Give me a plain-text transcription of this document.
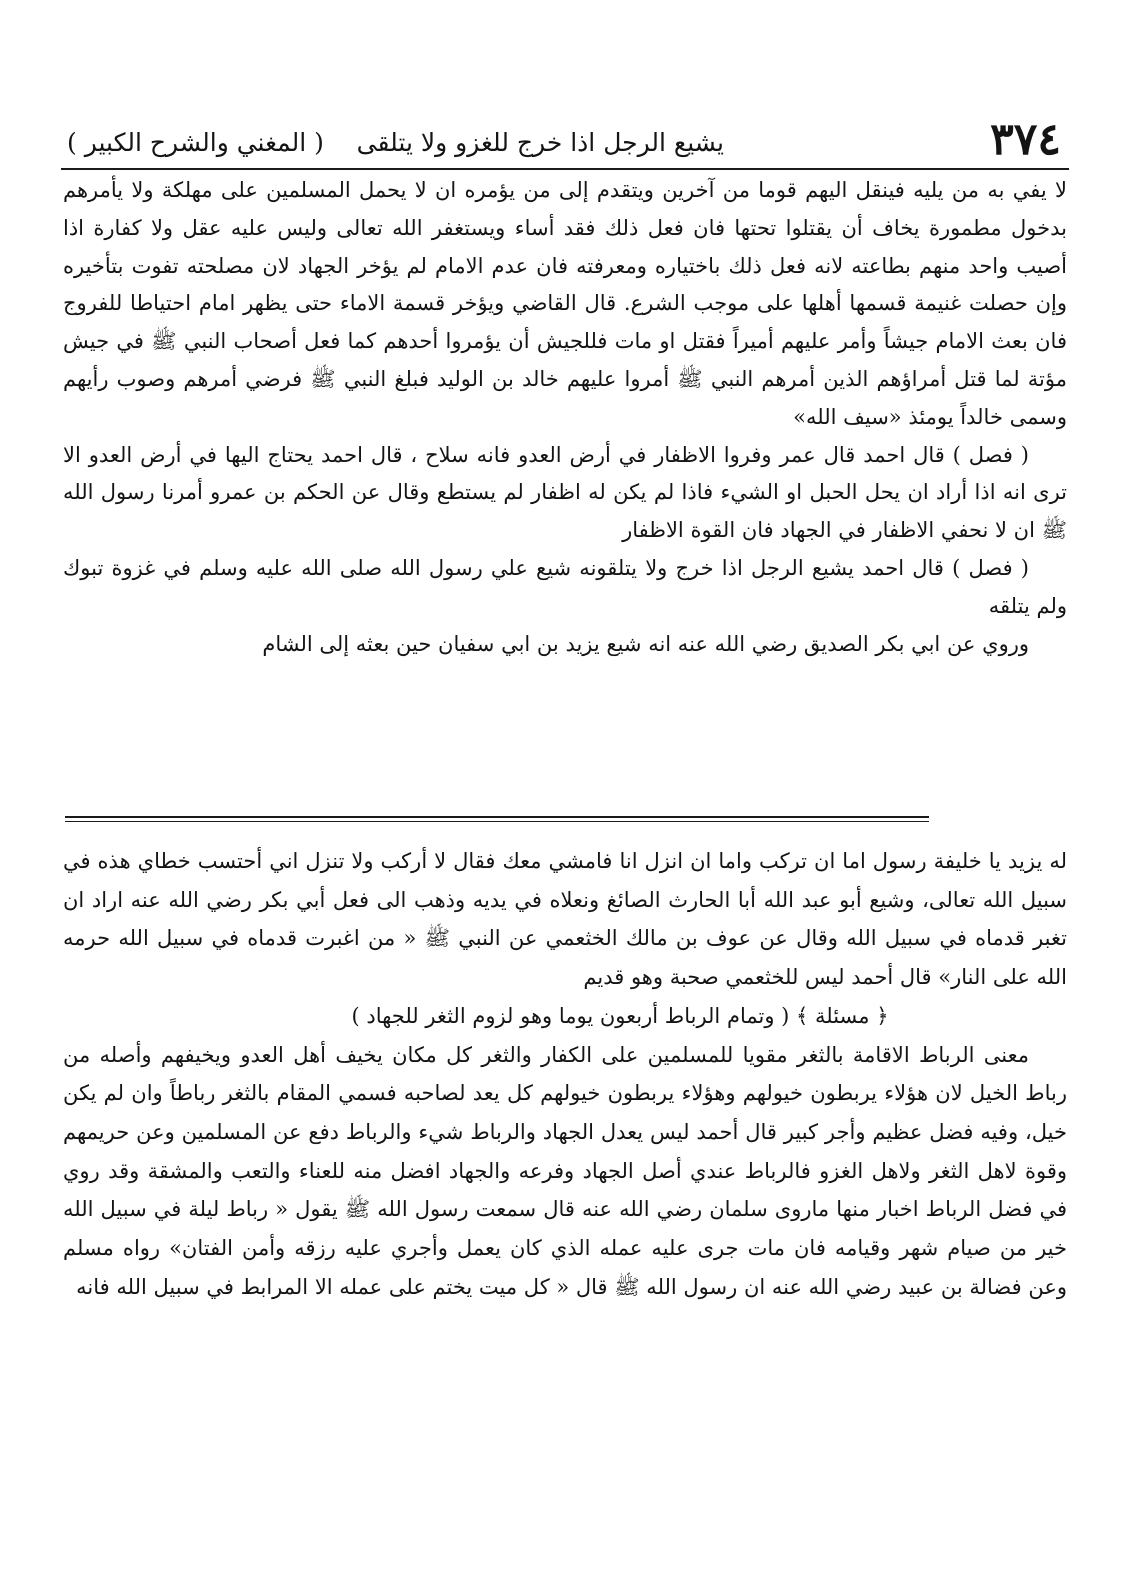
٣٧٤
يشيع الرجل اذا خرج للغزو ولا يتلقى
( المغني والشرح الكبير )

لا يفي به من يليه فينقل اليهم قوما من آخرين ويتقدم إلى من يؤمره ان لا يحمل المسلمين على مهلكة ولا يأمرهم بدخول مطمورة يخاف أن يقتلوا تحتها فان فعل ذلك فقد أساء ويستغفر الله تعالى وليس عليه عقل ولا كفارة اذا أصيب واحد منهم بطاعته لانه فعل ذلك باختياره ومعرفته فان عدم الامام لم يؤخر الجهاد لان مصلحته تفوت بتأخيره وإن حصلت غنيمة قسمها أهلها على موجب الشرع. قال القاضي ويؤخر قسمة الاماء حتى يظهر امام احتياطا للفروج فان بعث الامام جيشاً وأمر عليهم أميراً فقتل او مات فللجيش أن يؤمروا أحدهم كما فعل أصحاب النبي ﷺ في جيش مؤتة لما قتل أمراؤهم الذين أمرهم النبي ﷺ أمروا عليهم خالد بن الوليد فبلغ النبي ﷺ فرضي أمرهم وصوب رأيهم وسمى خالداً يومئذ «سيف الله»

( فصل ) قال احمد قال عمر وفروا الاظفار في أرض العدو فانه سلاح ، قال احمد يحتاج اليها في أرض العدو الا ترى انه اذا أراد ان يحل الحبل او الشيء فاذا لم يكن له اظفار لم يستطع وقال عن الحكم بن عمرو أمرنا رسول الله ﷺ ان لا نحفي الاظفار في الجهاد فان القوة الاظفار

( فصل ) قال احمد يشيع الرجل اذا خرج ولا يتلقونه شيع علي رسول الله صلى الله عليه وسلم في غزوة تبوك ولم يتلقه

وروي عن ابي بكر الصديق رضي الله عنه انه شيع يزيد بن ابي سفيان حين بعثه إلى الشام

له يزيد يا خليفة رسول اما ان تركب واما ان انزل انا فامشي معك فقال لا أركب ولا تنزل اني أحتسب خطاي هذه في سبيل الله تعالى، وشيع أبو عبد الله أبا الحارث الصائغ ونعلاه في يديه وذهب الى فعل أبي بكر رضي الله عنه اراد ان تغبر قدماه في سبيل الله وقال عن عوف بن مالك الخثعمي عن النبي ﷺ « من اغبرت قدماه في سبيل الله حرمه الله على النار» قال أحمد ليس للخثعمي صحبة وهو قديم

﴿ مسئلة ﴾ ( وتمام الرباط أربعون يوما وهو لزوم الثغر للجهاد )

معنى الرباط الاقامة بالثغر مقويا للمسلمين على الكفار والثغر كل مكان يخيف أهل العدو ويخيفهم وأصله من رباط الخيل لان هؤلاء يربطون خيولهم وهؤلاء يربطون خيولهم كل يعد لصاحبه فسمي المقام بالثغر رباطاً وان لم يكن خيل، وفيه فضل عظيم وأجر كبير قال أحمد ليس يعدل الجهاد والرباط شيء والرباط دفع عن المسلمين وعن حريمهم وقوة لاهل الثغر ولاهل الغزو فالرباط عندي أصل الجهاد وفرعه والجهاد افضل منه للعناء والتعب والمشقة وقد روي في فضل الرباط اخبار منها ماروى سلمان رضي الله عنه قال سمعت رسول الله ﷺ يقول « رباط ليلة في سبيل الله خير من صيام شهر وقيامه فان مات جرى عليه عمله الذي كان يعمل وأجري عليه رزقه وأمن الفتان» رواه مسلم وعن فضالة بن عبيد رضي الله عنه ان رسول الله ﷺ قال « كل ميت يختم على عمله الا المرابط في سبيل الله فانه
